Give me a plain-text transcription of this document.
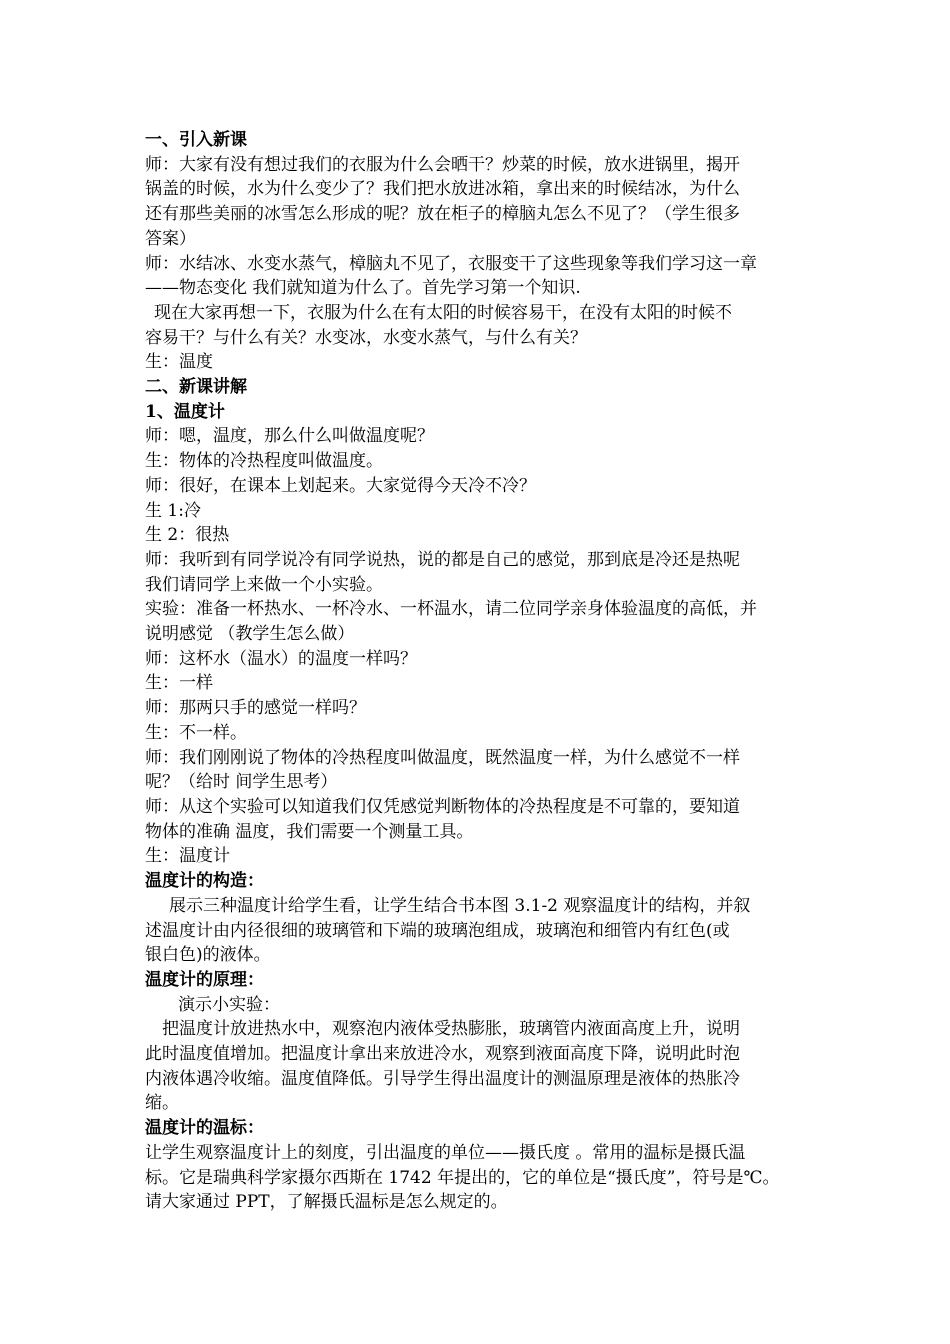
一、引入新课
师：大家有没有想过我们的衣服为什么会晒干？炒菜的时候，放水进锅里，揭开
锅盖的时候，水为什么变少了？我们把水放进冰箱，拿出来的时候结冰，为什么
还有那些美丽的冰雪怎么形成的呢？放在柜子的樟脑丸怎么不见了？（学生很多
答案）
师：水结冰、水变水蒸气，樟脑丸不见了，衣服变干了这些现象等我们学习这一章
——物态变化 我们就知道为什么了。首先学习第一个知识.
现在大家再想一下，衣服为什么在有太阳的时候容易干，在没有太阳的时候不
容易干？与什么有关？水变冰，水变水蒸气，与什么有关？
生：温度
二、新课讲解
1、温度计
师：嗯，温度，那么什么叫做温度呢？
生：物体的冷热程度叫做温度。
师：很好，在课本上划起来。大家觉得今天冷不冷？
生 1:冷
生 2：很热
师：我听到有同学说冷有同学说热，说的都是自己的感觉，那到底是冷还是热呢
我们请同学上来做一个小实验。
实验：准备一杯热水、一杯冷水、一杯温水，请二位同学亲身体验温度的高低，并
说明感觉 （教学生怎么做）
师：这杯水（温水）的温度一样吗？
生：一样
师：那两只手的感觉一样吗？
生：不一样。
师：我们刚刚说了物体的冷热程度叫做温度，既然温度一样，为什么感觉不一样
呢？（给时 间学生思考）
师：从这个实验可以知道我们仅凭感觉判断物体的冷热程度是不可靠的，要知道
物体的准确 温度，我们需要一个测量工具。
生：温度计
温度计的构造：
展示三种温度计给学生看，让学生结合书本图 3.1-2 观察温度计的结构，并叙
述温度计由内径很细的玻璃管和下端的玻璃泡组成，玻璃泡和细管内有红色(或
银白色)的液体。
温度计的原理：
演示小实验：
把温度计放进热水中，观察泡内液体受热膨胀，玻璃管内液面高度上升，说明
此时温度值增加。把温度计拿出来放进冷水，观察到液面高度下降，说明此时泡
内液体遇冷收缩。温度值降低。引导学生得出温度计的测温原理是液体的热胀冷
缩。
温度计的温标：
让学生观察温度计上的刻度，引出温度的单位——摄氏度 。常用的温标是摄氏温
标。它是瑞典科学家摄尔西斯在 1742 年提出的，它的单位是“摄氏度”，符号是℃。
请大家通过 PPT，了解摄氏温标是怎么规定的。
